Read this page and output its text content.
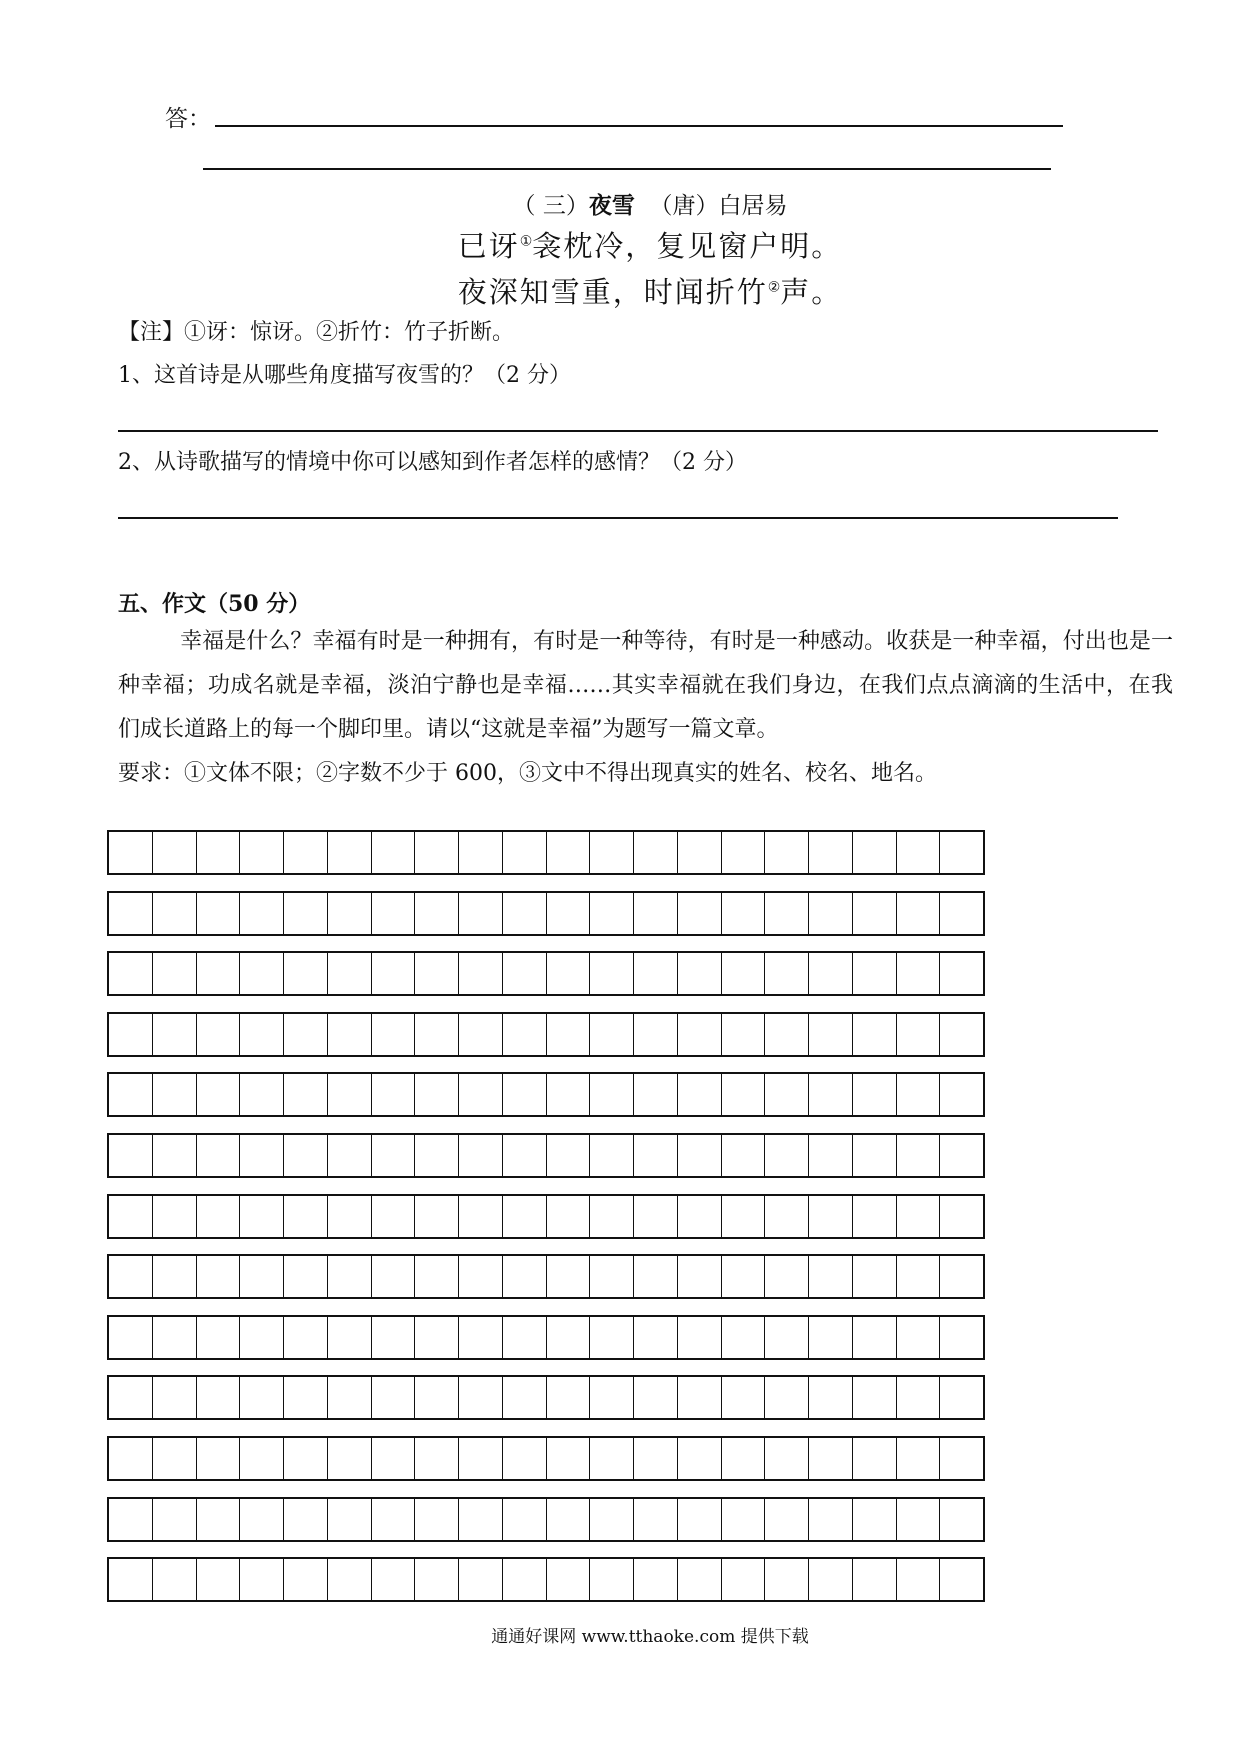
答：
（ 三）夜雪 （唐）白居易
已讶①衾枕冷，复见窗户明。
夜深知雪重，时闻折竹②声。
【注】①讶：惊讶。②折竹：竹子折断。
1、这首诗是从哪些角度描写夜雪的？（2 分）
2、从诗歌描写的情境中你可以感知到作者怎样的感情？（2 分）
五、作文（50 分）
幸福是什么？幸福有时是一种拥有，有时是一种等待，有时是一种感动。收获是一种幸福，付出也是一种幸福；功成名就是幸福，淡泊宁静也是幸福……其实幸福就在我们身边，在我们点点滴滴的生活中，在我们成长道路上的每一个脚印里。请以“这就是幸福”为题写一篇文章。
要求：①文体不限；②字数不少于 600，③文中不得出现真实的姓名、校名、地名。
通通好课网 www.tthaoke.com 提供下载
